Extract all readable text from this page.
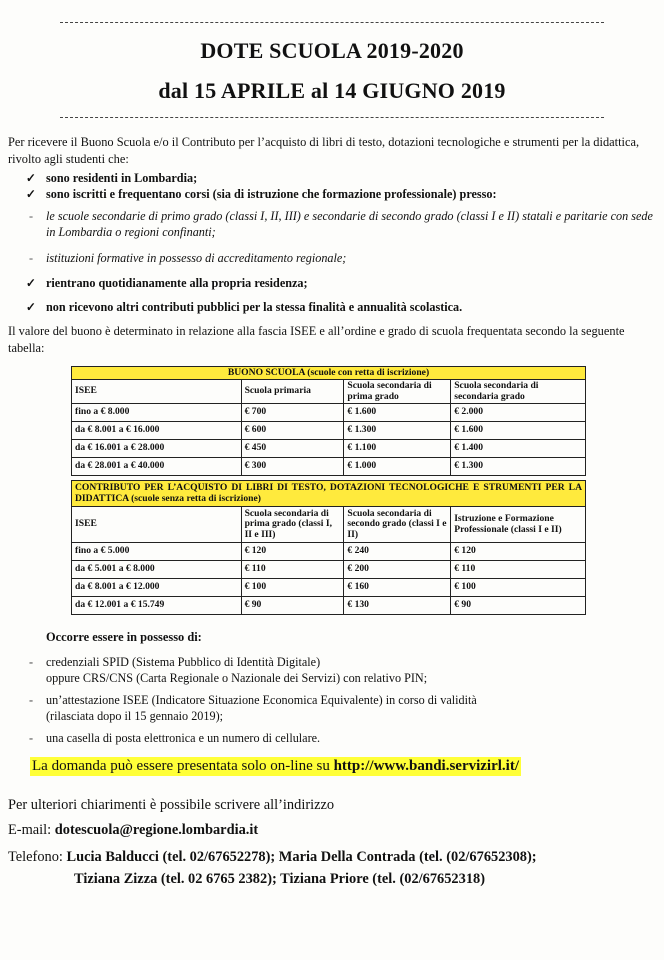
DOTE SCUOLA 2019-2020
dal 15 APRILE al 14 GIUGNO 2019
Per ricevere il Buono Scuola e/o il Contributo per l’acquisto di libri di testo, dotazioni tecnologiche e strumenti per la didattica, rivolto agli studenti che:
✓ sono residenti in Lombardia;
✓ sono iscritti e frequentano corsi (sia di istruzione che formazione professionale) presso:
-	le scuole secondarie di primo grado (classi I, II, III) e secondarie di secondo grado (classi I e II) statali e paritarie con sede in Lombardia o regioni confinanti;
-	istituzioni formative in possesso di accreditamento regionale;
✓ rientrano quotidianamente alla propria residenza;
✓ non ricevono altri contributi pubblici per la stessa finalità e annualità scolastica.
Il valore del buono è determinato in relazione alla fascia ISEE e all’ordine e grado di scuola frequentata secondo la seguente tabella:
BUONO SCUOLA (scuole con retta di iscrizione)			
ISEE	Scuola primaria	Scuola secondaria di prima grado	Scuola secondaria di secondaria grado
fino a € 8.000	€ 700	€ 1.600	€ 2.000
da € 8.001 a € 16.000	€ 600	€ 1.300	€ 1.600
da € 16.001 a € 28.000	€ 450	€ 1.100	€ 1.400
da € 28.001 a € 40.000	€ 300	€ 1.000	€ 1.300
CONTRIBUTO PER L’ACQUISTO DI LIBRI DI TESTO, DOTAZIONI TECNOLOGICHE E STRUMENTI PER LA DIDATTICA (scuole senza retta di iscrizione)			
ISEE	Scuola secondaria di prima grado (classi I, II e III)	Scuola secondaria di secondo grado (classi I e II)	Istruzione e Formazione Professionale (classi I e II)
fino a € 5.000	€ 120	€ 240	€ 120
da € 5.001 a € 8.000	€ 110	€ 200	€ 110
da € 8.001 a € 12.000	€ 100	€ 160	€ 100
da € 12.001 a € 15.749	€ 90	€ 130	€ 90
Occorre essere in possesso di:
-	credenziali SPID (Sistema Pubblico di Identità Digitale)
oppure CRS/CNS (Carta Regionale o Nazionale dei Servizi) con relativo PIN;
-	un’attestazione ISEE (Indicatore Situazione Economica Equivalente) in corso di validità
(rilasciata dopo il 15 gennaio 2019);
-	una casella di posta elettronica e un numero di cellulare.
La domanda può essere presentata solo on-line su http://www.bandi.servizirl.it/
Per ulteriori chiarimenti è possibile scrivere all’indirizzo
E-mail: dotescuola@regione.lombardia.it
Telefono: Lucia Balducci (tel. 02/67652278); Maria Della Contrada (tel. (02/67652308);
Tiziana Zizza (tel. 02 6765 2382); Tiziana Priore (tel. (02/67652318)
